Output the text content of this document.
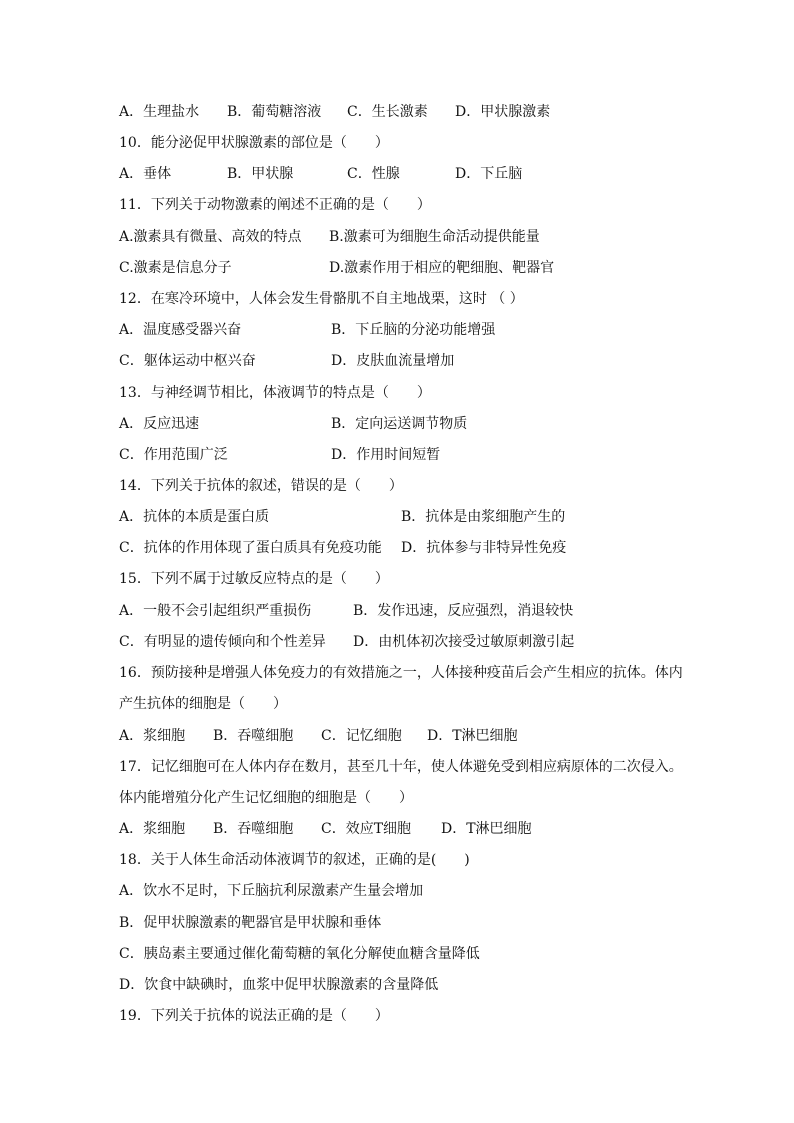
A．生理盐水 B．葡萄糖溶液 C．生长激素 D．甲状腺激素
10．能分泌促甲状腺激素的部位是（　　）
A．垂体	B．甲状腺	C．性腺	D．下丘脑
11．下列关于动物激素的阐述不正确的是（　　）
A.激素具有微量、高效的特点 B.激素可为细胞生命活动提供能量
C.激素是信息分子	D.激素作用于相应的靶细胞、靶器官
12．在寒冷环境中，人体会发生骨骼肌不自主地战栗，这时 （ ）
A．温度感受器兴奋	B．下丘脑的分泌功能增强
C．躯体运动中枢兴奋	D．皮肤血流量增加
13．与神经调节相比，体液调节的特点是（　　）
A．反应迅速	B．定向运送调节物质
C．作用范围广泛	D．作用时间短暂
14．下列关于抗体的叙述，错误的是（　　）
A．抗体的本质是蛋白质	B．抗体是由浆细胞产生的
C．抗体的作用体现了蛋白质具有免疫功能 D．抗体参与非特异性免疫
15．下列不属于过敏反应特点的是（　　）
A．一般不会引起组织严重损伤	B．发作迅速，反应强烈，消退较快
C．有明显的遗传倾向和个性差异 D．由机体初次接受过敏原刺激引起
16．预防接种是增强人体免疫力的有效措施之一，人体接种疫苗后会产生相应的抗体。体内
产生抗体的细胞是（　　）
A．浆细胞 B．吞噬细胞 C．记忆细胞 D．T淋巴细胞
17．记忆细胞可在人体内存在数月，甚至几十年，使人体避免受到相应病原体的二次侵入。
体内能增殖分化产生记忆细胞的细胞是（　　）
A．浆细胞 B．吞噬细胞 C．效应T细胞 D．T淋巴细胞
18．关于人体生命活动体液调节的叙述，正确的是(　　)
A．饮水不足时，下丘脑抗利尿激素产生量会增加
B．促甲状腺激素的靶器官是甲状腺和垂体
C．胰岛素主要通过催化葡萄糖的氧化分解使血糖含量降低
D．饮食中缺碘时，血浆中促甲状腺激素的含量降低
19．下列关于抗体的说法正确的是（　　）
